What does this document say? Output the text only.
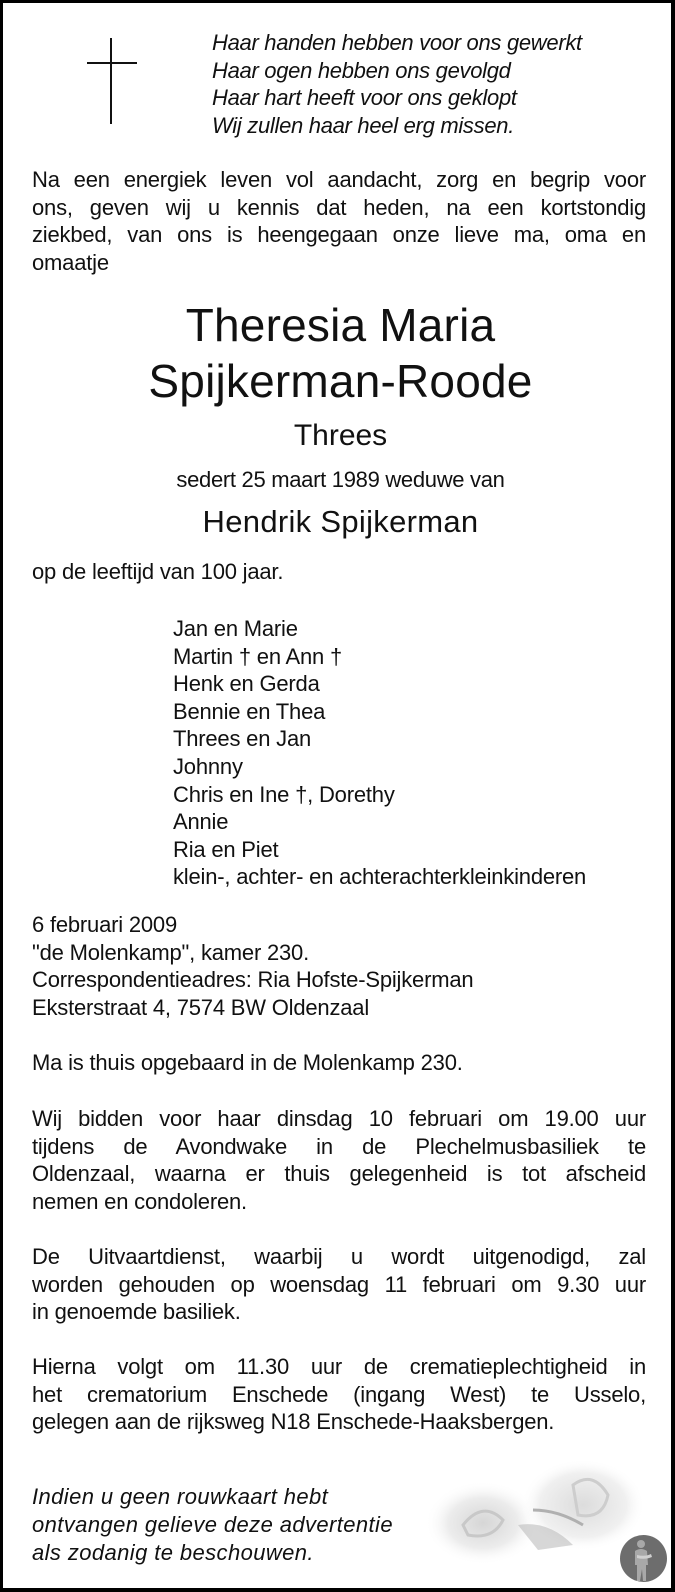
Haar handen hebben voor ons gewerkt
Haar ogen hebben ons gevolgd
Haar hart heeft voor ons geklopt
Wij zullen haar heel erg missen.
Na een energiek leven vol aandacht, zorg en begrip voor
ons, geven wij u kennis dat heden, na een kortstondig
ziekbed, van ons is heengegaan onze lieve ma, oma en
omaatje
Theresia Maria
Spijkerman-Roode
Threes
sedert 25 maart 1989 weduwe van
Hendrik Spijkerman
op de leeftijd van 100 jaar.
Jan en Marie
Martin † en Ann †
Henk en Gerda
Bennie en Thea
Threes en Jan
Johnny
Chris en Ine †, Dorethy
Annie
Ria en Piet
klein-, achter- en achterachterkleinkinderen
6 februari 2009
"de Molenkamp", kamer 230.
Correspondentieadres: Ria Hofste-Spijkerman
Eksterstraat 4, 7574 BW Oldenzaal
Ma is thuis opgebaard in de Molenkamp 230.
Wij bidden voor haar dinsdag 10 februari om 19.00 uur
tijdens de Avondwake in de Plechelmusbasiliek te
Oldenzaal, waarna er thuis gelegenheid is tot afscheid
nemen en condoleren.
De Uitvaartdienst, waarbij u wordt uitgenodigd, zal
worden gehouden op woensdag 11 februari om 9.30 uur
in genoemde basiliek.
Hierna volgt om 11.30 uur de crematieplechtigheid in
het crematorium Enschede (ingang West) te Usselo,
gelegen aan de rijksweg N18 Enschede-Haaksbergen.
Indien u geen rouwkaart hebt
ontvangen gelieve deze advertentie
als zodanig te beschouwen.
